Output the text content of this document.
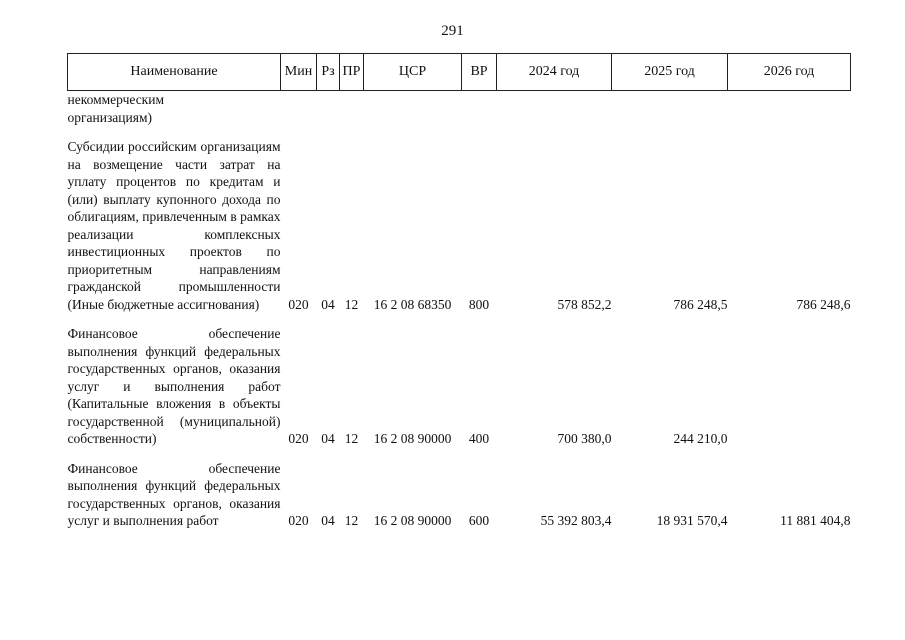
291
Наименование	Мин	Рз	ПР	ЦСР	ВР	2024 год	2025 год	2026 год

некоммерческим организациям)								

Субсидии российским организациям на возмещение части затрат на уплату процентов по кредитам и (или) выплату купонного дохода по облигациям, привлеченным в рамках реализации комплексных инвестиционных проектов по приоритетным направлениям гражданской промышленности (Иные бюджетные ассигнования)	020	04	12	16 2 08 68350	800	578 852,2	786 248,5	786 248,6

Финансовое обеспечение выполнения функций федеральных государственных органов, оказания услуг и выполнения работ (Капитальные вложения в объекты государственной (муниципальной) собственности)	020	04	12	16 2 08 90000	400	700 380,0	244 210,0	

Финансовое обеспечение выполнения функций федеральных государственных органов, оказания услуг и выполнения работ	020	04	12	16 2 08 90000	600	55 392 803,4	18 931 570,4	11 881 404,8
